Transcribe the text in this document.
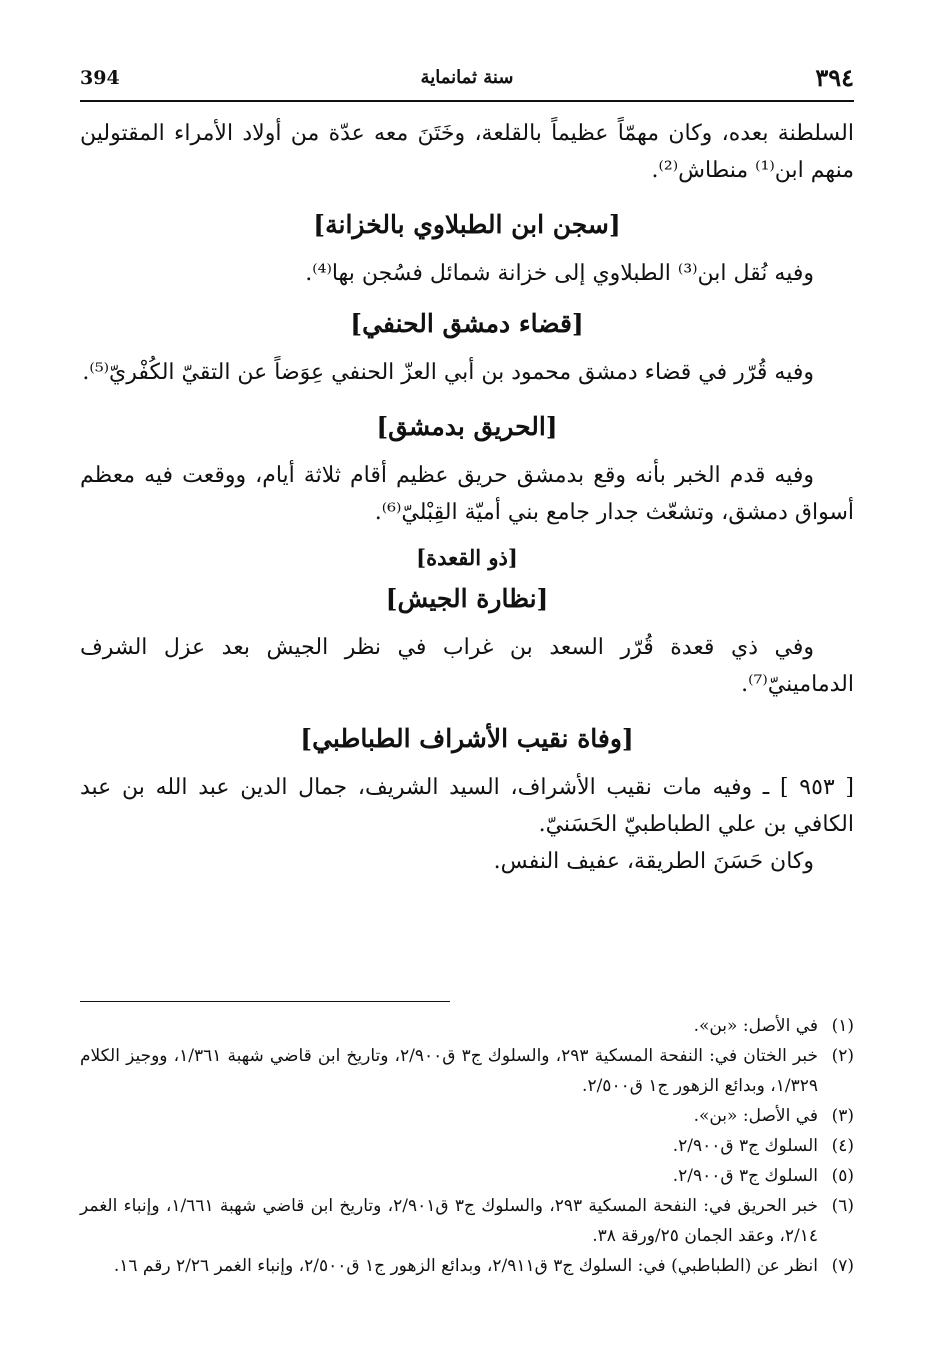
٣٩٤
سنة ثمانماية
394

السلطنة بعده، وكان مهمّاً عظيماً بالقلعة، وخَتَنَ معه عدّة من أولاد الأمراء المقتولين منهم ابن⁽¹⁾ منطاش⁽²⁾.

[سجن ابن الطبلاوي بالخزانة]

وفيه نُقل ابن⁽³⁾ الطبلاوي إلى خزانة شمائل فسُجن بها⁽⁴⁾.

[قضاء دمشق الحنفي]

وفيه قُرّر في قضاء دمشق محمود بن أبي العزّ الحنفي عِوَضاً عن التقيّ الكُفْريّ⁽⁵⁾.

[الحريق بدمشق]

وفيه قدم الخبر بأنه وقع بدمشق حريق عظيم أقام ثلاثة أيام، ووقعت فيه معظم أسواق دمشق، وتشعّث جدار جامع بني أميّة القِبْليّ⁽⁶⁾.

[ذو القعدة]
[نظارة الجيش]

وفي ذي قعدة قُرّر السعد بن غراب في نظر الجيش بعد عزل الشرف الدمامينيّ⁽⁷⁾.

[وفاة نقيب الأشراف الطباطبي]

[ ٩٥٣ ] ـ وفيه مات نقيب الأشراف، السيد الشريف، جمال الدين عبد الله بن عبد الكافي بن علي الطباطبيّ الحَسَنيّ.

وكان حَسَنَ الطريقة، عفيف النفس.

(١)
في الأصل: «بن».
(٢)
خبر الختان في: النفحة المسكية ٢٩٣، والسلوك ج٣ ق٢/٩٠٠، وتاريخ ابن قاضي شهبة ١/٣٦١، ووجيز الكلام ١/٣٢٩، وبدائع الزهور ج١ ق٢/٥٠٠.
(٣)
في الأصل: «بن».
(٤)
السلوك ج٣ ق٢/٩٠٠.
(٥)
السلوك ج٣ ق٢/٩٠٠.
(٦)
خبر الحريق في: النفحة المسكية ٢٩٣، والسلوك ج٣ ق٢/٩٠١، وتاريخ ابن قاضي شهبة ١/٦٦١، وإنباء الغمر ٢/١٤، وعقد الجمان ٢٥/ورقة ٣٨.
(٧)
انظر عن (الطباطبي) في: السلوك ج٣ ق٢/٩١١، وبدائع الزهور ج١ ق٢/٥٠٠، وإنباء الغمر ٢/٢٦ رقم ١٦.
